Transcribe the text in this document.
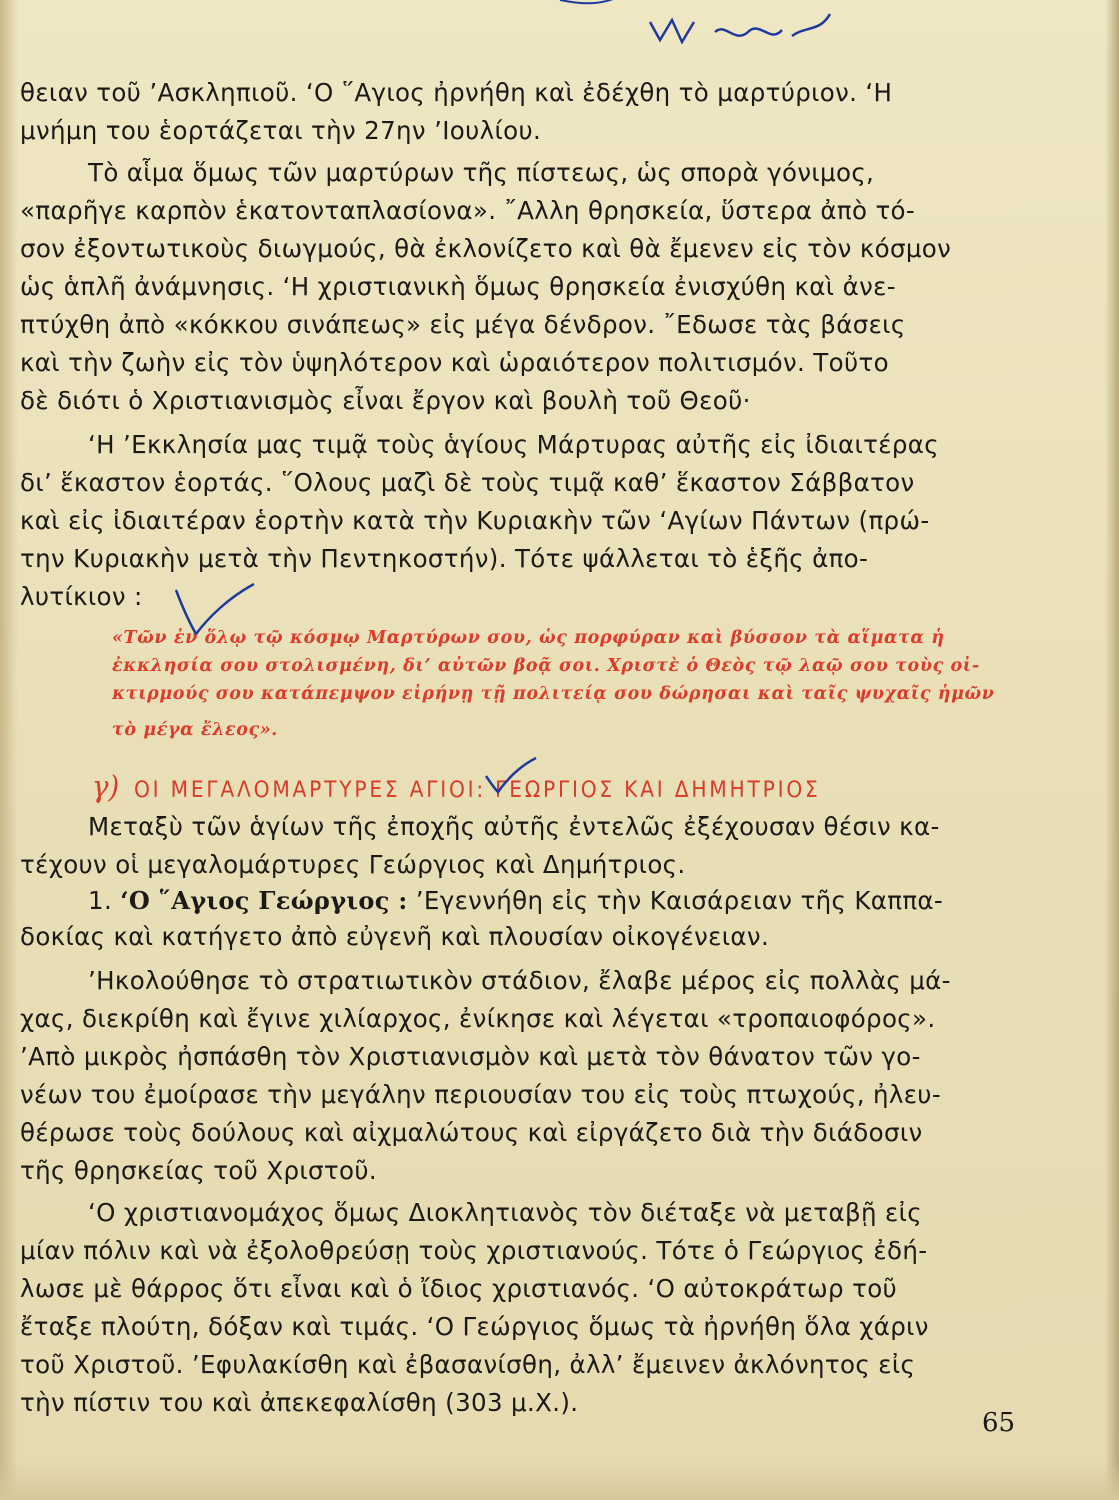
θειαν τοῦ ’Ασκληπιοῦ. ‘Ο ῞Αγιος ἠρνήθη καὶ ἐδέχθη τὸ μαρτύριον. ‘Η

μνήμη του ἑορτάζεται τὴν 27ην ’Ιουλίου.

Τὸ αἷμα ὅμως τῶν μαρτύρων τῆς πίστεως, ὡς σπορὰ γόνιμος,

«παρῆγε καρπὸν ἑκατονταπλασίονα». ῎Αλλη θρησκεία, ὕστερα ἀπὸ τό-

σον ἐξοντωτικοὺς διωγμούς, θὰ ἐκλονίζετο καὶ θὰ ἔμενεν εἰς τὸν κόσμον

ὡς ἁπλῆ ἀνάμνησις. ‘Η χριστιανικὴ ὅμως θρησκεία ἐνισχύθη καὶ ἀνε-

πτύχθη ἀπὸ «κόκκου σινάπεως» εἰς μέγα δένδρον. ῎Εδωσε τὰς βάσεις

καὶ τὴν ζωὴν εἰς τὸν ὑψηλότερον καὶ ὡραιότερον πολιτισμόν. Τοῦτο

δὲ διότι ὁ Χριστιανισμὸς εἶναι ἔργον καὶ βουλὴ τοῦ Θεοῦ·

‘Η ’Εκκλησία μας τιμᾷ τοὺς ἁγίους Μάρτυρας αὐτῆς εἰς ἰδιαιτέρας

δι’ ἕκαστον ἑορτάς. ῞Ολους μαζὶ δὲ τοὺς τιμᾷ καθ’ ἕκαστον Σάββατον

καὶ εἰς ἰδιαιτέραν ἑορτὴν κατὰ τὴν Κυριακὴν τῶν ‘Αγίων Πάντων (πρώ-

την Κυριακὴν μετὰ τὴν Πεντηκοστήν). Τότε ψάλλεται τὸ ἑξῆς ἀπο-

λυτίκιον :

«Τῶν ἐν ὅλῳ τῷ κόσμῳ Μαρτύρων σου, ὡς πορφύραν καὶ βύσσον τὰ αἵματα ἡ
ἐκκλησία σου στολισμένη, δι’ αὐτῶν βοᾷ σοι. Χριστὲ ὁ Θεὸς τῷ λαῷ σου τοὺς οἰ-
κτιρμούς σου κατάπεμψον εἰρήνῃ τῇ πολιτείᾳ σου δώρησαι καὶ ταῖς ψυχαῖς ἡμῶν
τὸ μέγα ἔλεος».
γ) ΟΙ ΜΕΓΑΛΟΜΑΡΤΥΡΕΣ ΑΓΙΟΙ: ΓΕΩΡΓΙΟΣ ΚΑΙ ΔΗΜΗΤΡΙΟΣ

Μεταξὺ τῶν ἁγίων τῆς ἐποχῆς αὐτῆς ἐντελῶς ἐξέχουσαν θέσιν κα-

τέχουν οἱ μεγαλομάρτυρες Γεώργιος καὶ Δημήτριος.

1. ‘Ο ῞Αγιος Γεώργιος : ’Εγεννήθη εἰς τὴν Καισάρειαν τῆς Καππα-

δοκίας καὶ κατήγετο ἀπὸ εὐγενῆ καὶ πλουσίαν οἰκογένειαν.

’Ηκολούθησε τὸ στρατιωτικὸν στάδιον, ἔλαβε μέρος εἰς πολλὰς μά-

χας, διεκρίθη καὶ ἔγινε χιλίαρχος, ἐνίκησε καὶ λέγεται «τροπαιοφόρος».

’Απὸ μικρὸς ἠσπάσθη τὸν Χριστιανισμὸν καὶ μετὰ τὸν θάνατον τῶν γο-

νέων του ἐμοίρασε τὴν μεγάλην περιουσίαν του εἰς τοὺς πτωχούς, ἠλευ-

θέρωσε τοὺς δούλους καὶ αἰχμαλώτους καὶ εἰργάζετο διὰ τὴν διάδοσιν

τῆς θρησκείας τοῦ Χριστοῦ.

‘Ο χριστιανομάχος ὅμως Διοκλητιανὸς τὸν διέταξε νὰ μεταβῇ εἰς

μίαν πόλιν καὶ νὰ ἐξολοθρεύσῃ τοὺς χριστιανούς. Τότε ὁ Γεώργιος ἐδή-

λωσε μὲ θάρρος ὅτι εἶναι καὶ ὁ ἴδιος χριστιανός. ‘Ο αὐτοκράτωρ τοῦ

ἔταξε πλούτη, δόξαν καὶ τιμάς. ‘Ο Γεώργιος ὅμως τὰ ἠρνήθη ὅλα χάριν

τοῦ Χριστοῦ. ’Εφυλακίσθη καὶ ἐβασανίσθη, ἀλλ’ ἔμεινεν ἀκλόνητος εἰς

τὴν πίστιν του καὶ ἀπεκεφαλίσθη (303 μ.Χ.).

65
